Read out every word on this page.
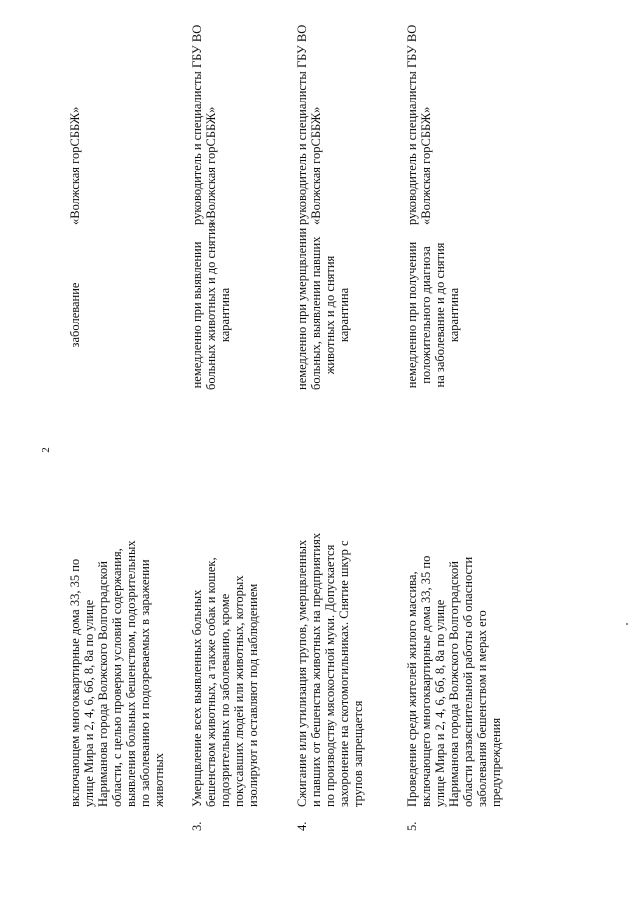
2
включающем многоквартирные дома 33, 35 по улице Мира и 2, 4, 6, 6б, 8, 8а по улице Нариманова города Волжского Волгоградской области, с целью проверки условий содержания, выявления больных бешенством, подозрительных по заболеванию и подозреваемых в заражении животных
заболевание
«Волжская горСББЖ»
3.
Умерщвление всех выявленных больных бешенством животных, а также собак и кошек, подозрительных по заболеванию, кроме покусавших людей или животных, которых изолируют и оставляют под наблюдением
немедленно при выявлении больных животных и до снятия карантина
руководитель и специалисты ГБУ ВО «Волжская горСББЖ»
4.
Сжигание или утилизация трупов, умерщвленных и павших от бешенства животных на предприятиях по производству мясокостной муки. Допускается захоронение на скотомогильниках. Снятие шкур с трупов запрещается
немедленно при умерщвлении больных, выявлении павших животных и до снятия карантина
руководитель и специалисты ГБУ ВО «Волжская горСББЖ»
5.
Проведение среди жителей жилого массива, включающего многоквартирные дома 33, 35 по улице Мира и 2, 4, 6, 6б, 8, 8а по улице Нариманова города Волжского Волгоградской области разъяснительной работы об опасности заболевания бешенством и мерах его предупреждения
немедленно при получении положительного диагноза на заболевание и до снятия карантина
руководитель и специалисты ГБУ ВО «Волжская горСББЖ»
